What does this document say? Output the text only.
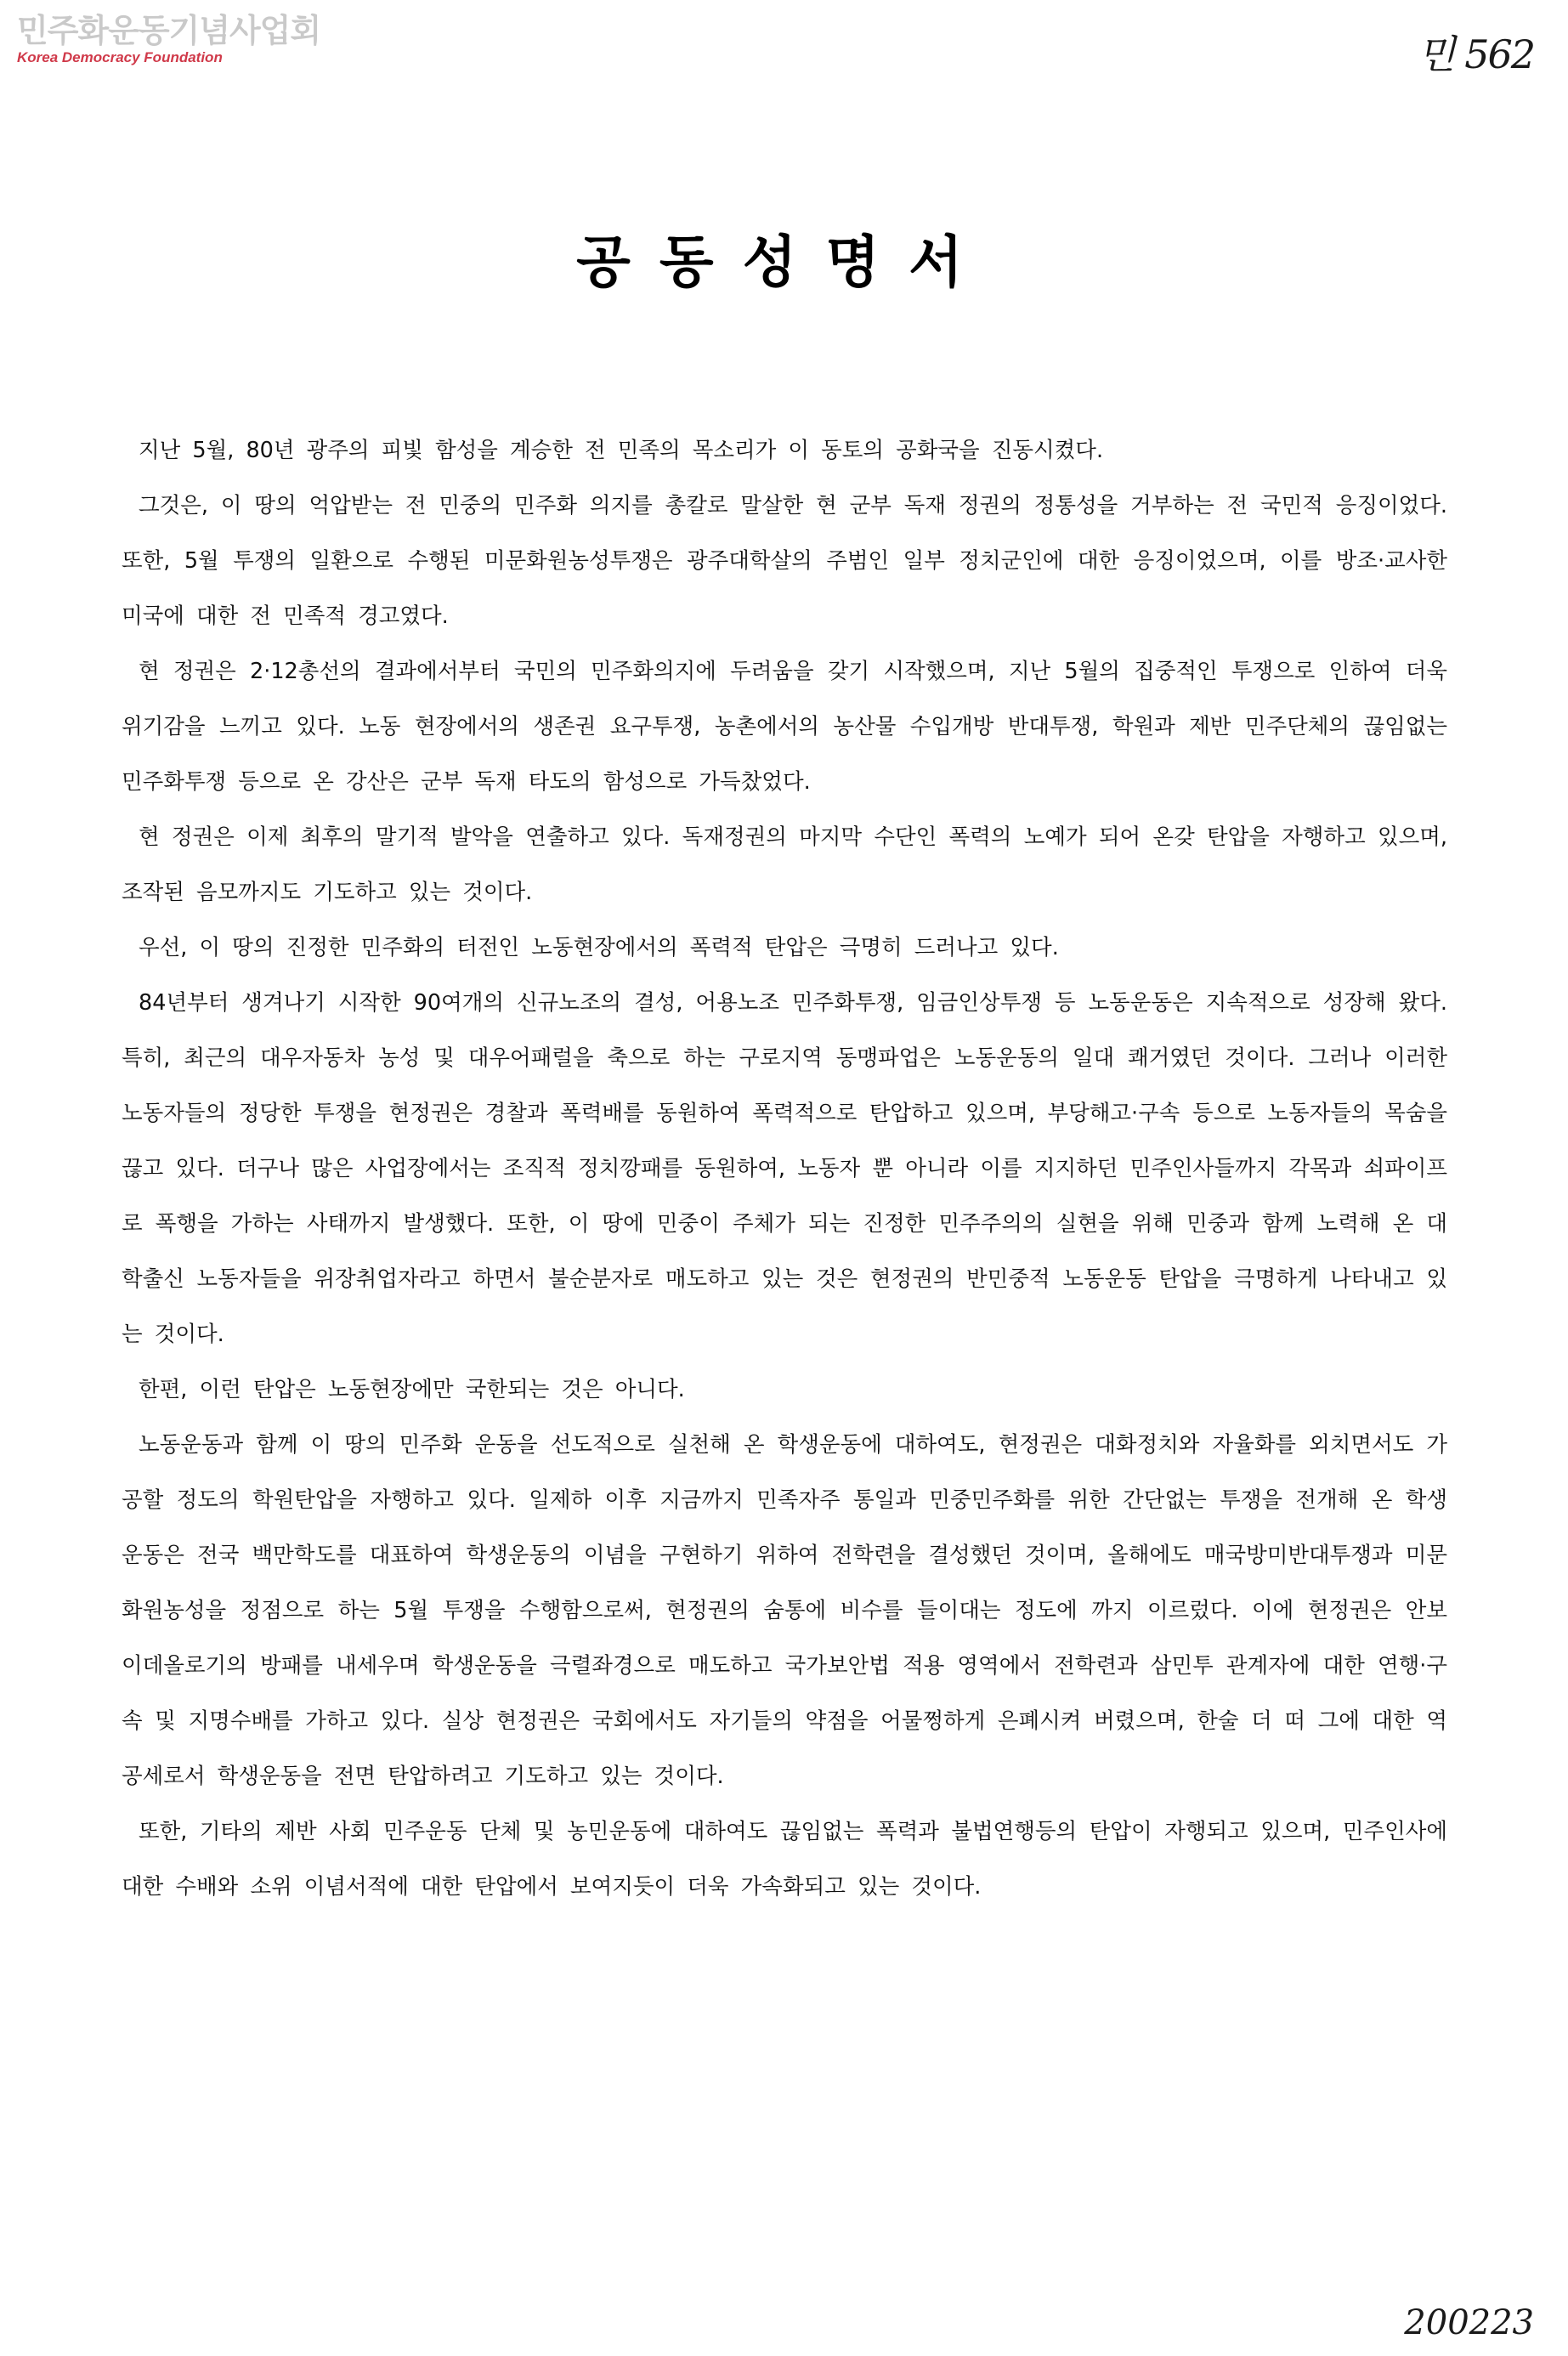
민주화운동기념사업회
Korea Democracy Foundation	민 562
공동성명서

지난 5월, 80년 광주의 피빛 함성을 계승한 전 민족의 목소리가 이 동토의 공화국을 진동시켰다.

그것은, 이 땅의 억압받는 전 민중의 민주화 의지를 총칼로 말살한 현 군부 독재 정권의 정통성을 거부하는 전 국민적 응징이었다. 또한, 5월 투쟁의 일환으로 수행된 미문화원농성투쟁은 광주대학살의 주범인 일부 정치군인에 대한 응징이었으며, 이를 방조·교사한 미국에 대한 전 민족적 경고였다.

현 정권은 2·12총선의 결과에서부터 국민의 민주화의지에 두려움을 갖기 시작했으며, 지난 5월의 집중적인 투쟁으로 인하여 더욱 위기감을 느끼고 있다. 노동 현장에서의 생존권 요구투쟁, 농촌에서의 농산물 수입개방 반대투쟁, 학원과 제반 민주단체의 끊임없는 민주화투쟁 등으로 온 강산은 군부 독재 타도의 함성으로 가득찼었다.

현 정권은 이제 최후의 말기적 발악을 연출하고 있다. 독재정권의 마지막 수단인 폭력의 노예가 되어 온갖 탄압을 자행하고 있으며, 조작된 음모까지도 기도하고 있는 것이다.

우선, 이 땅의 진정한 민주화의 터전인 노동현장에서의 폭력적 탄압은 극명히 드러나고 있다.

84년부터 생겨나기 시작한 90여개의 신규노조의 결성, 어용노조 민주화투쟁, 임금인상투쟁 등 노동운동은 지속적으로 성장해 왔다. 특히, 최근의 대우자동차 농성 및 대우어패럴을 축으로 하는 구로지역 동맹파업은 노동운동의 일대 쾌거였던 것이다. 그러나 이러한 노동자들의 정당한 투쟁을 현정권은 경찰과 폭력배를 동원하여 폭력적으로 탄압하고 있으며, 부당해고·구속 등으로 노동자들의 목숨을 끊고 있다. 더구나 많은 사업장에서는 조직적 정치깡패를 동원하여, 노동자 뿐 아니라 이를 지지하던 민주인사들까지 각목과 쇠파이프로 폭행을 가하는 사태까지 발생했다. 또한, 이 땅에 민중이 주체가 되는 진정한 민주주의의 실현을 위해 민중과 함께 노력해 온 대학출신 노동자들을 위장취업자라고 하면서 불순분자로 매도하고 있는 것은 현정권의 반민중적 노동운동 탄압을 극명하게 나타내고 있는 것이다.

한편, 이런 탄압은 노동현장에만 국한되는 것은 아니다.

노동운동과 함께 이 땅의 민주화 운동을 선도적으로 실천해 온 학생운동에 대하여도, 현정권은 대화정치와 자율화를 외치면서도 가공할 정도의 학원탄압을 자행하고 있다. 일제하 이후 지금까지 민족자주 통일과 민중민주화를 위한 간단없는 투쟁을 전개해 온 학생운동은 전국 백만학도를 대표하여 학생운동의 이념을 구현하기 위하여 전학련을 결성했던 것이며, 올해에도 매국방미반대투쟁과 미문화원농성을 정점으로 하는 5월 투쟁을 수행함으로써, 현정권의 숨통에 비수를 들이대는 정도에 까지 이르렀다. 이에 현정권은 안보 이데올로기의 방패를 내세우며 학생운동을 극렬좌경으로 매도하고 국가보안법 적용 영역에서 전학련과 삼민투 관계자에 대한 연행·구속 및 지명수배를 가하고 있다. 실상 현정권은 국회에서도 자기들의 약점을 어물쩡하게 은폐시켜 버렸으며, 한술 더 떠 그에 대한 역공세로서 학생운동을 전면 탄압하려고 기도하고 있는 것이다.

또한, 기타의 제반 사회 민주운동 단체 및 농민운동에 대하여도 끊임없는 폭력과 불법연행등의 탄압이 자행되고 있으며, 민주인사에 대한 수배와 소위 이념서적에 대한 탄압에서 보여지듯이 더욱 가속화되고 있는 것이다.

200223
